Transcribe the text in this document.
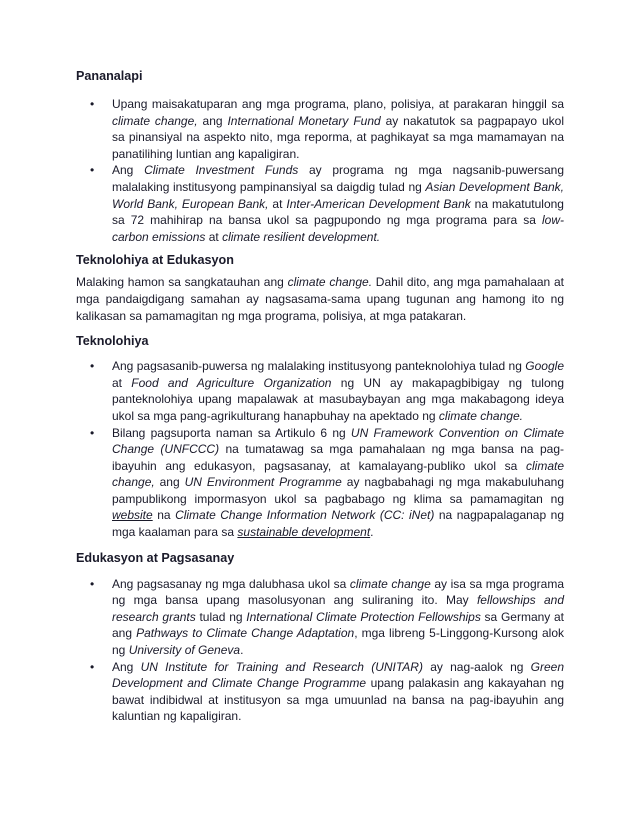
Pananalapi
• Upang maisakatuparan ang mga programa, plano, polisiya, at parakaran hinggil sa climate change, ang International Monetary Fund ay nakatutok sa pagpapayo ukol sa pinansiyal na aspekto nito, mga reporma, at paghikayat sa mga mamamayan na panatilihing luntian ang kapaligiran.
• Ang Climate Investment Funds ay programa ng mga nagsanib-puwersang malalaking institusyong pampinansiyal sa daigdig tulad ng Asian Development Bank, World Bank, European Bank, at Inter-American Development Bank na makatutulong sa 72 mahihirap na bansa ukol sa pagpupondo ng mga programa para sa low-carbon emissions at climate resilient development.
Teknolohiya at Edukasyon

Malaking hamon sa sangkatauhan ang climate change. Dahil dito, ang mga pamahalaan at mga pandaigdigang samahan ay nagsasama-sama upang tugunan ang hamong ito ng kalikasan sa pamamagitan ng mga programa, polisiya, at mga patakaran.

Teknolohiya
• Ang pagsasanib-puwersa ng malalaking institusyong panteknolohiya tulad ng Google at Food and Agriculture Organization ng UN ay makapagbibigay ng tulong panteknolohiya upang mapalawak at masubaybayan ang mga makabagong ideya ukol sa mga pang-agrikulturang hanapbuhay na apektado ng climate change.
• Bilang pagsuporta naman sa Artikulo 6 ng UN Framework Convention on Climate Change (UNFCCC) na tumatawag sa mga pamahalaan ng mga bansa na pag-ibayuhin ang edukasyon, pagsasanay, at kamalayang-publiko ukol sa climate change, ang UN Environment Programme ay nagbabahagi ng mga makabuluhang pampublikong impormasyon ukol sa pagbabago ng klima sa pamamagitan ng website na Climate Change Information Network (CC: iNet) na nagpapalaganap ng mga kaalaman para sa sustainable development.
Edukasyon at Pagsasanay
• Ang pagsasanay ng mga dalubhasa ukol sa climate change ay isa sa mga programa ng mga bansa upang masolusyonan ang suliraning ito. May fellowships and research grants tulad ng International Climate Protection Fellowships sa Germany at ang Pathways to Climate Change Adaptation, mga libreng 5-Linggong-Kursong alok ng University of Geneva.
• Ang UN Institute for Training and Research (UNITAR) ay nag-aalok ng Green Development and Climate Change Programme upang palakasin ang kakayahan ng bawat indibidwal at institusyon sa mga umuunlad na bansa na pag-ibayuhin ang kaluntian ng kapaligiran.
